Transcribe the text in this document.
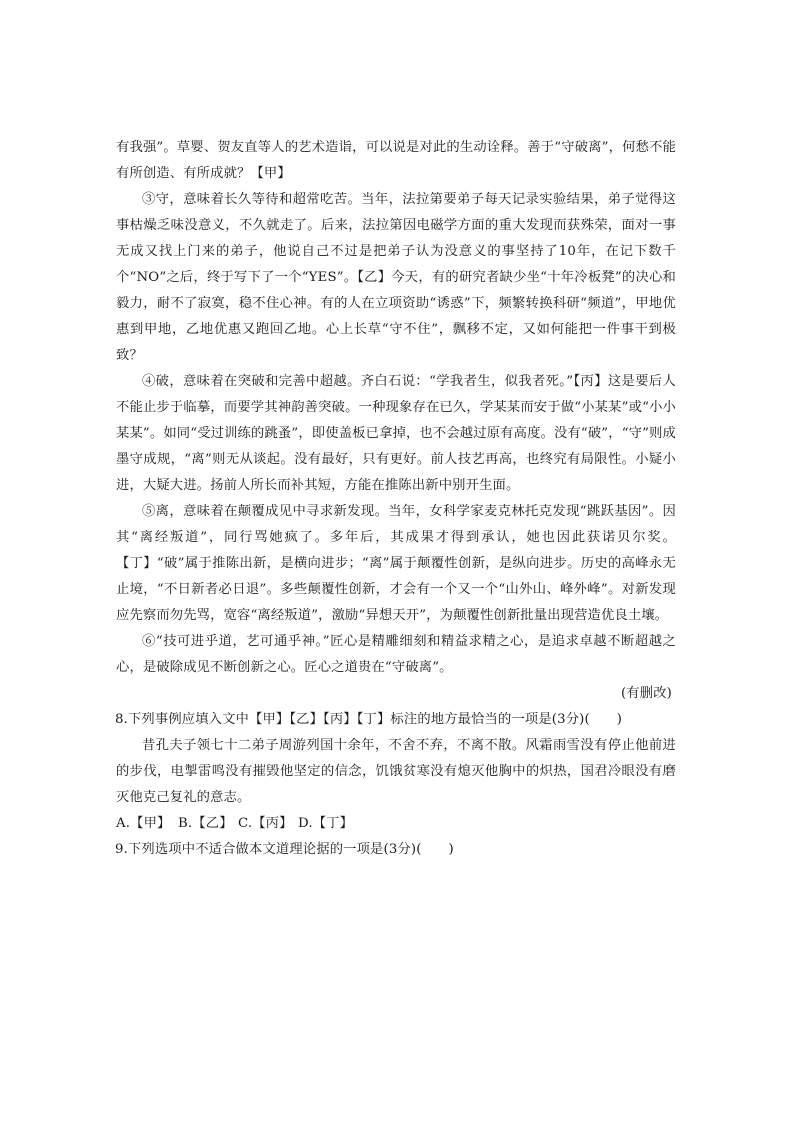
有我强”。草婴、贺友直等人的艺术造诣，可以说是对此的生动诠释。善于“守破离”，何愁不能有所创造、有所成就？【甲】

③守，意味着长久等待和超常吃苦。当年，法拉第要弟子每天记录实验结果，弟子觉得这事枯燥乏味没意义，不久就走了。后来，法拉第因电磁学方面的重大发现而获殊荣，面对一事无成又找上门来的弟子，他说自己不过是把弟子认为没意义的事坚持了10年，在记下数千个“NO”之后，终于写下了一个“YES”。【乙】今天，有的研究者缺少坐“十年冷板凳”的决心和毅力，耐不了寂寞，稳不住心神。有的人在立项资助“诱惑”下，频繁转换科研“频道”，甲地优惠到甲地，乙地优惠又跑回乙地。心上长草“守不住”，飘移不定，又如何能把一件事干到极致？

④破，意味着在突破和完善中超越。齐白石说：“学我者生，似我者死。”【丙】这是要后人不能止步于临摹，而要学其神韵善突破。一种现象存在已久，学某某而安于做“小某某”或“小小某某”。如同“受过训练的跳蚤”，即使盖板已拿掉，也不会越过原有高度。没有“破”，“守”则成墨守成规，“离”则无从谈起。没有最好，只有更好。前人技艺再高，也终究有局限性。小疑小进，大疑大进。扬前人所长而补其短，方能在推陈出新中别开生面。

⑤离，意味着在颠覆成见中寻求新发现。当年，女科学家麦克林托克发现“跳跃基因”。因其“离经叛道”，同行骂她疯了。多年后，其成果才得到承认，她也因此获诺贝尔奖。【丁】“破”属于推陈出新，是横向进步；“离”属于颠覆性创新，是纵向进步。历史的高峰永无止境，“不日新者必日退”。多些颠覆性创新，才会有一个又一个“山外山、峰外峰”。对新发现应先察而勿先骂，宽容“离经叛道”，激励“异想天开”，为颠覆性创新批量出现营造优良土壤。

⑥“技可进乎道，艺可通乎神。”匠心是精雕细刻和精益求精之心，是追求卓越不断超越之心，是破除成见不断创新之心。匠心之道贵在“守破离”。

(有删改)

8.下列事例应填入文中【甲】【乙】【丙】【丁】标注的地方最恰当的一项是(3分)(　　)

昔孔夫子领七十二弟子周游列国十余年，不舍不弃，不离不散。风霜雨雪没有停止他前进的步伐，电掣雷鸣没有摧毁他坚定的信念，饥饿贫寒没有熄灭他胸中的炽热，国君冷眼没有磨灭他克己复礼的意志。

A.【甲】 B.【乙】 C.【丙】 D.【丁】

9.下列选项中不适合做本文道理论据的一项是(3分)(　　)
